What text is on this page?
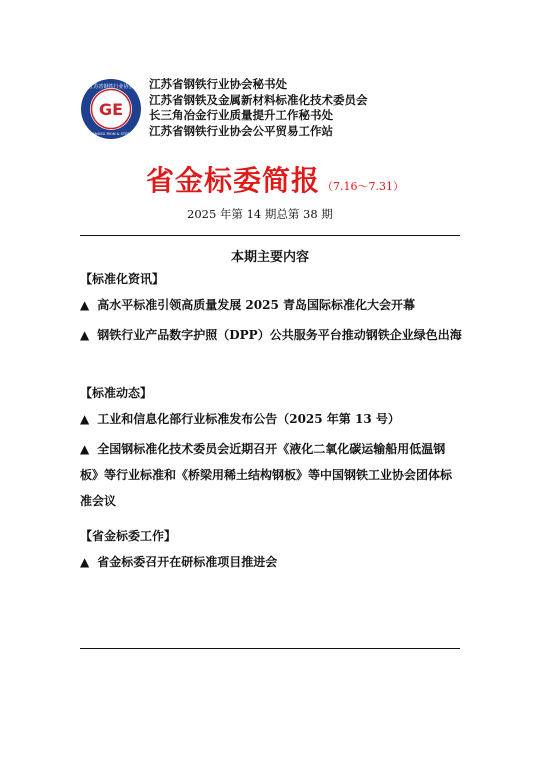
GE
江苏省钢铁行业协会
JIANGSU IRON & STEEL
江苏省钢铁行业协会秘书处
江苏省钢铁及金属新材料标准化技术委员会
长三角冶金行业质量提升工作秘书处
江苏省钢铁行业协会公平贸易工作站
省金标委简报 （7.16～7.31）
2025 年第 14 期总第 38 期
本期主要内容
【标准化资讯】
▲ 高水平标准引领高质量发展 2025 青岛国际标准化大会开幕
▲ 钢铁行业产品数字护照（DPP）公共服务平台推动钢铁企业绿色出海
【标准动态】
▲ 工业和信息化部行业标准发布公告（2025 年第 13 号）
▲ 全国钢标准化技术委员会近期召开《液化二氧化碳运输船用低温钢板》等行业标准和《桥梁用稀土结构钢板》等中国钢铁工业协会团体标准会议
【省金标委工作】
▲ 省金标委召开在研标准项目推进会
